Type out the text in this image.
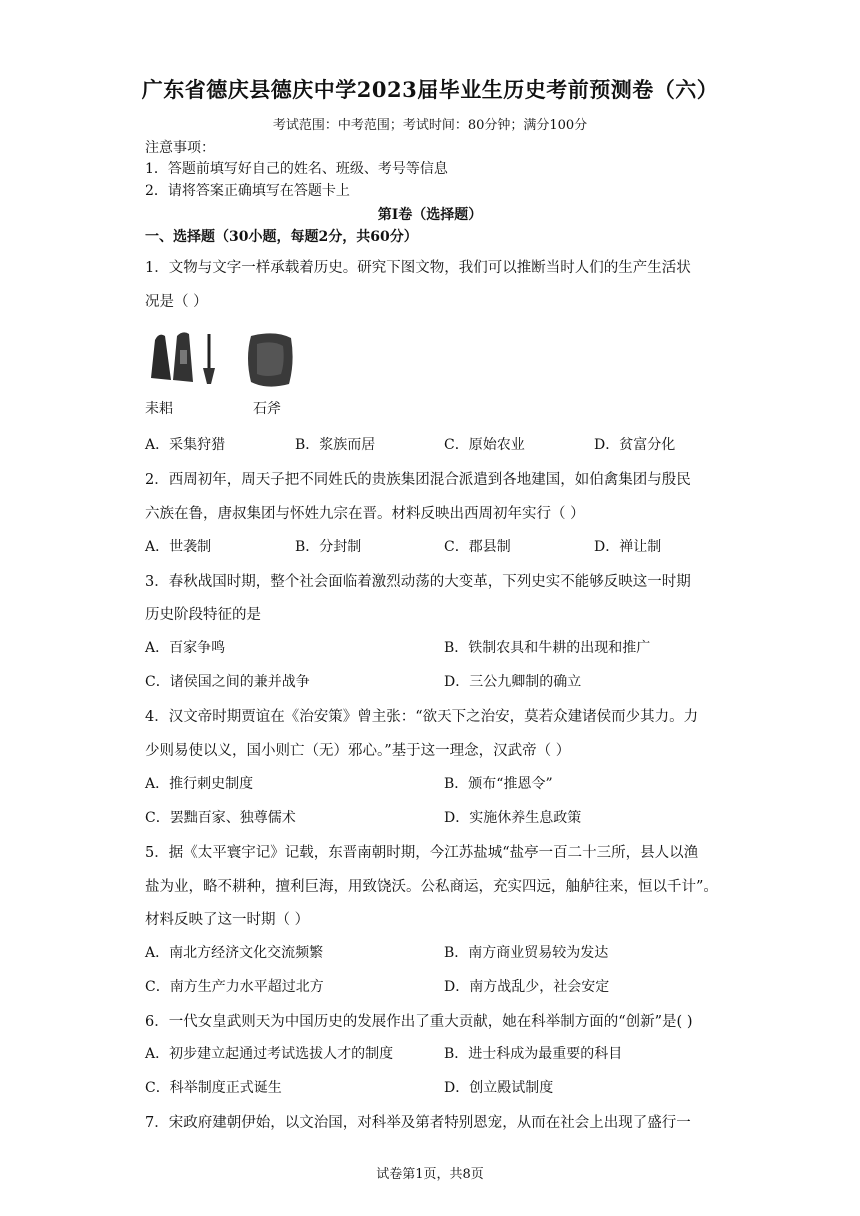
广东省德庆县德庆中学2023届毕业生历史考前预测卷（六）
考试范围：中考范围；考试时间：80分钟；满分100分
注意事项：
1．答题前填写好自己的姓名、班级、考号等信息
2．请将答案正确填写在答题卡上
第I卷（选择题）
一、选择题（30小题，每题2分，共60分）
1．文物与文字一样承载着历史。研究下图文物，我们可以推断当时人们的生产生活状
况是（ ）
耒耜	石斧
A．采集狩猎	B．浆族而居	C．原始农业	D．贫富分化
2．西周初年，周天子把不同姓氏的贵族集团混合派遣到各地建国，如伯禽集团与殷民
六族在鲁，唐叔集团与怀姓九宗在晋。材料反映出西周初年实行（ ）
A．世袭制	B．分封制	C．郡县制	D．禅让制
3．春秋战国时期，整个社会面临着激烈动荡的大变革，下列史实不能够反映这一时期
历史阶段特征的是
A．百家争鸣	B．铁制农具和牛耕的出现和推广
C．诸侯国之间的兼并战争	D．三公九卿制的确立
4．汉文帝时期贾谊在《治安策》曾主张：“欲天下之治安，莫若众建诸侯而少其力。力
少则易使以义，国小则亡（无）邪心。”基于这一理念，汉武帝（ ）
A．推行刺史制度	B．颁布“推恩令”
C．罢黜百家、独尊儒术	D．实施休养生息政策
5．据《太平寰宇记》记载，东晋南朝时期，今江苏盐城“盐亭一百二十三所，县人以渔
盐为业，略不耕种，擅利巨海，用致饶沃。公私商运，充实四远，舳舻往来，恒以千计”。
材料反映了这一时期（ ）
A．南北方经济文化交流频繁	B．南方商业贸易较为发达
C．南方生产力水平超过北方	D．南方战乱少，社会安定
6．一代女皇武则天为中国历史的发展作出了重大贡献，她在科举制方面的“创新”是( )
A．初步建立起通过考试选拔人才的制度	B．进士科成为最重要的科目
C．科举制度正式诞生	D．创立殿试制度
7．宋政府建朝伊始，以文治国，对科举及第者特别恩宠，从而在社会上出现了盛行一
试卷第1页，共8页
